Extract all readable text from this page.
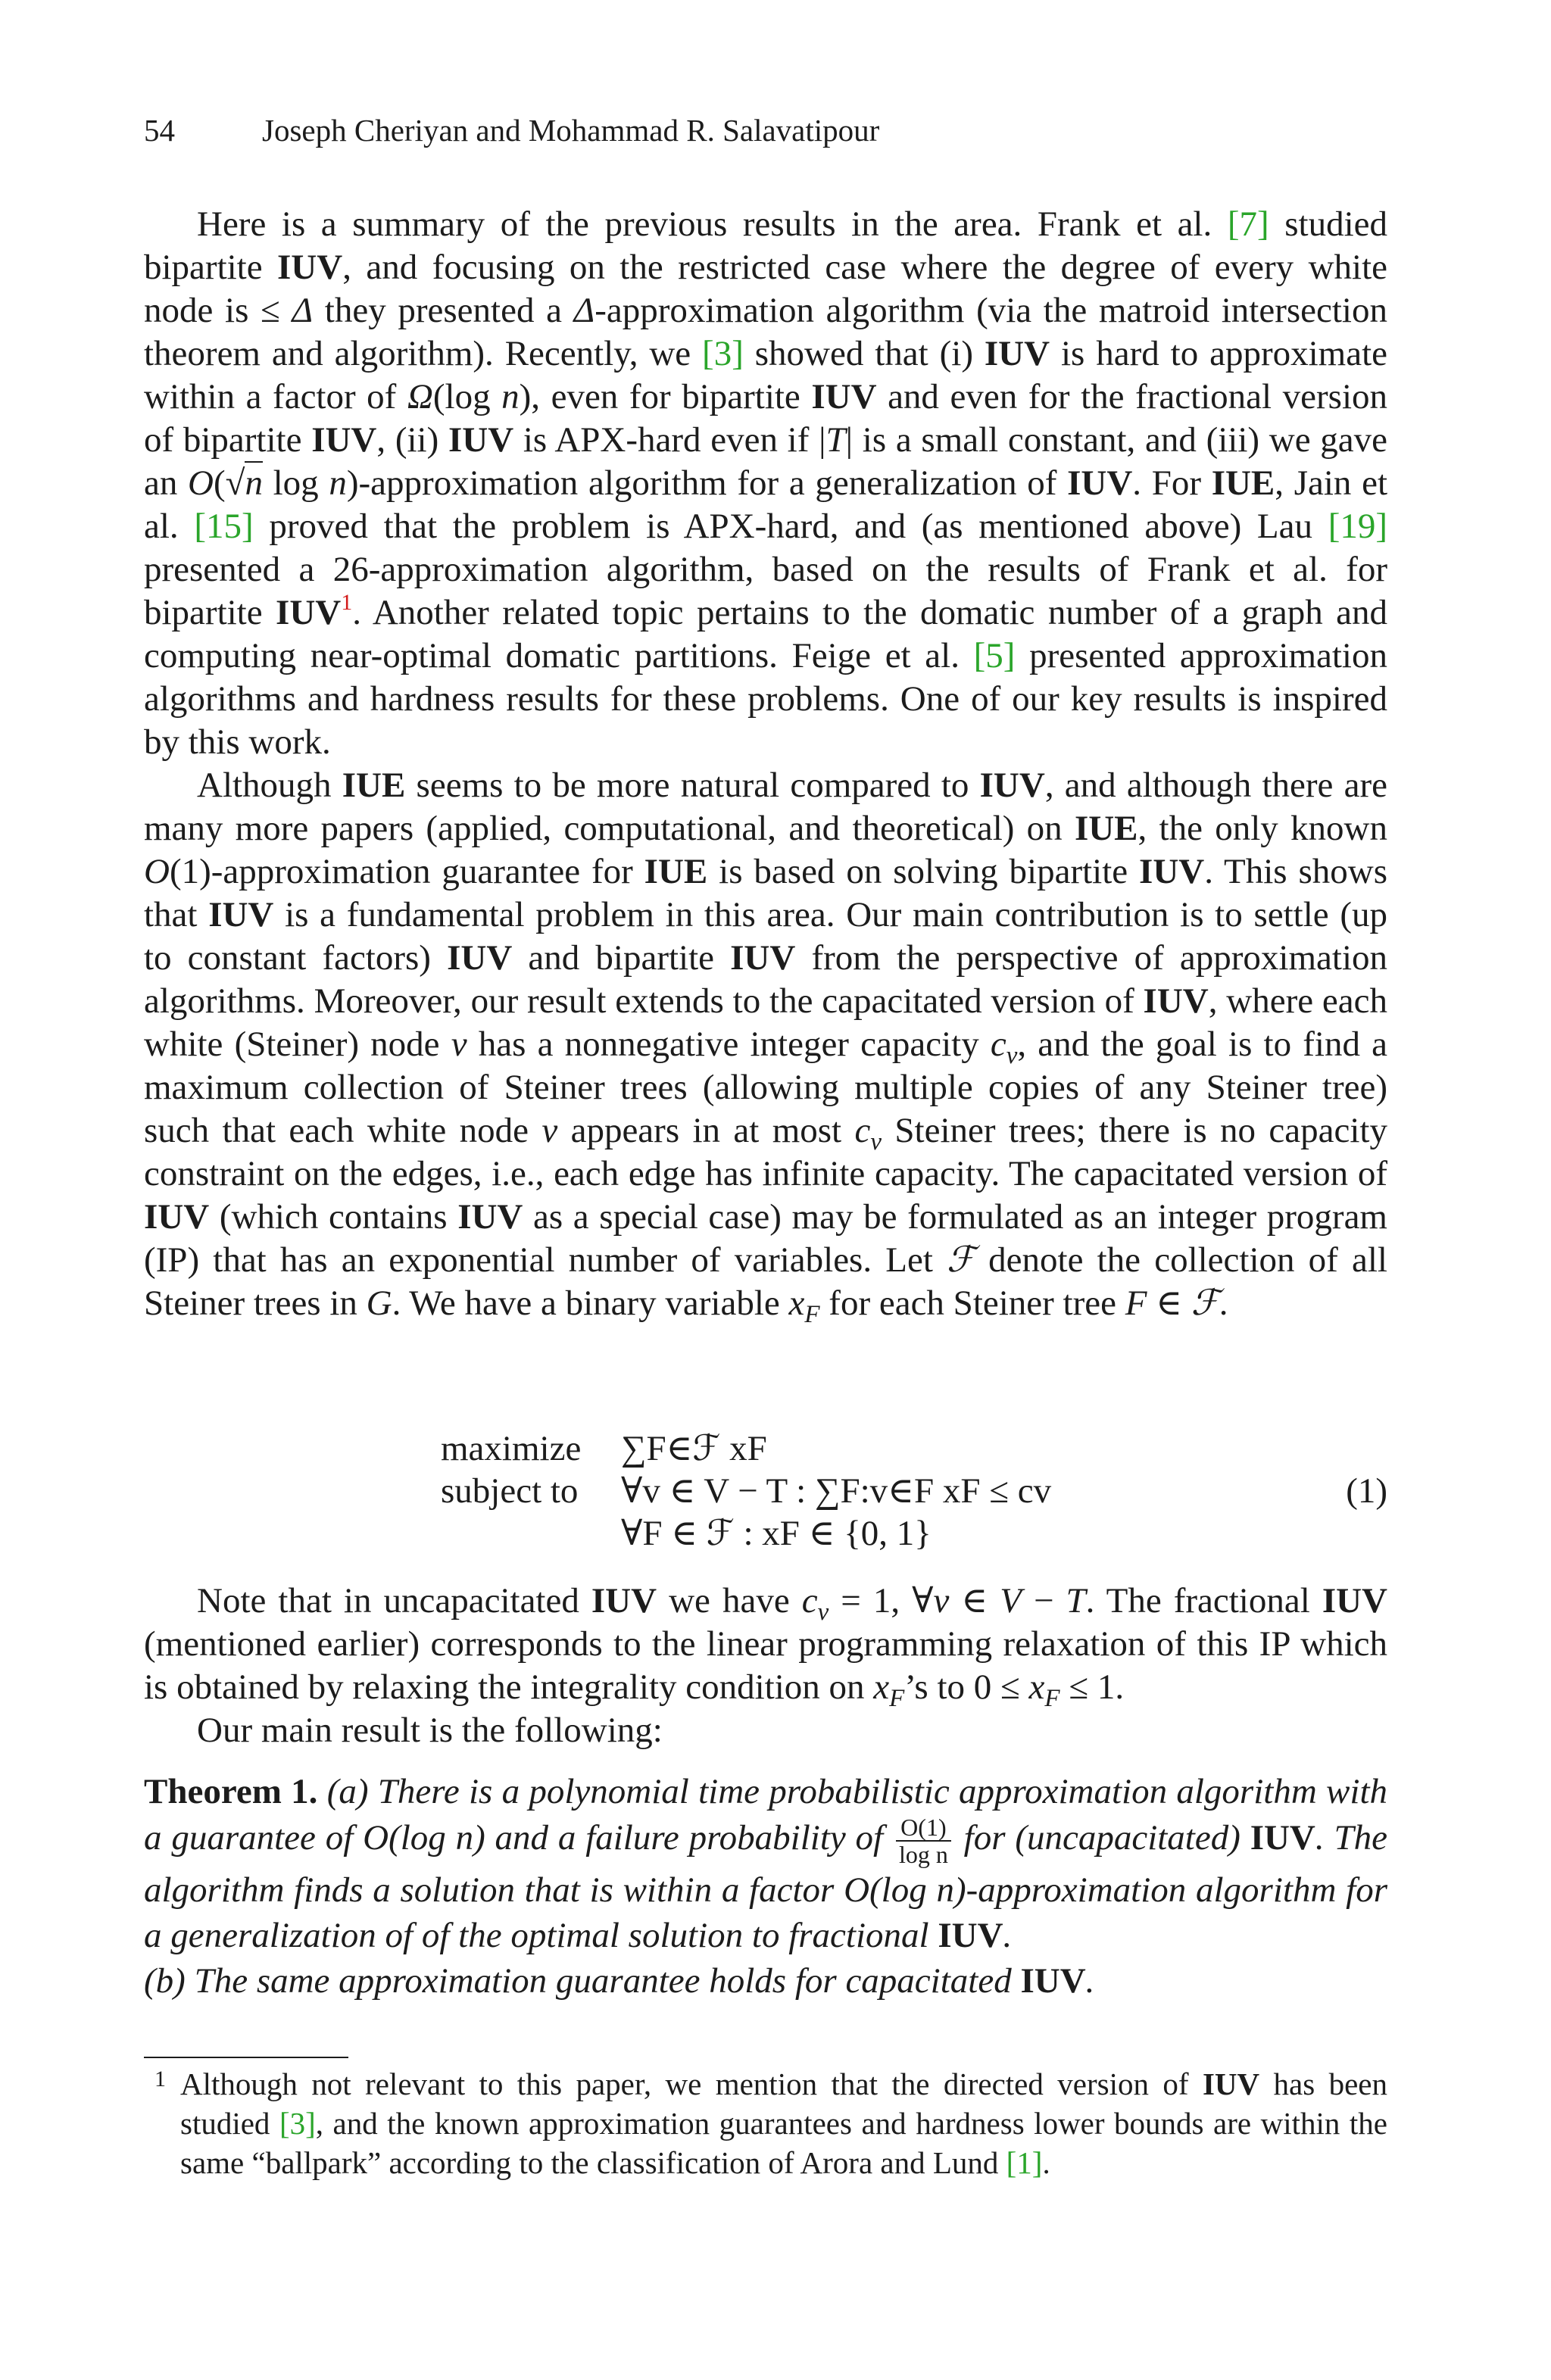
54	Joseph Cheriyan and Mohammad R. Salavatipour

Here is a summary of the previous results in the area. Frank et al. [7] studied bipartite IUV, and focusing on the restricted case where the degree of every white node is ≤ Δ they presented a Δ-approximation algorithm (via the matroid intersection theorem and algorithm). Recently, we [3] showed that (i) IUV is hard to approximate within a factor of Ω(log n), even for bipartite IUV and even for the fractional version of bipartite IUV, (ii) IUV is APX-hard even if |T| is a small constant, and (iii) we gave an O(√n log n)-approximation algorithm for a generalization of IUV. For IUE, Jain et al. [15] proved that the problem is APX-hard, and (as mentioned above) Lau [19] presented a 26-approximation algorithm, based on the results of Frank et al. for bipartite IUV$^1$. Another related topic pertains to the domatic number of a graph and computing near-optimal domatic partitions. Feige et al. [5] presented approximation algorithms and hardness results for these problems. One of our key results is inspired by this work.

Although IUE seems to be more natural compared to IUV, and although there are many more papers (applied, computational, and theoretical) on IUE, the only known O(1)-approximation guarantee for IUE is based on solving bipartite IUV. This shows that IUV is a fundamental problem in this area. Our main contribution is to settle (up to constant factors) IUV and bipartite IUV from the perspective of approximation algorithms. Moreover, our result extends to the capacitated version of IUV, where each white (Steiner) node v has a nonnegative integer capacity $c_v$, and the goal is to find a maximum collection of Steiner trees (allowing multiple copies of any Steiner tree) such that each white node v appears in at most $c_v$ Steiner trees; there is no capacity constraint on the edges, i.e., each edge has infinite capacity. The capacitated version of IUV (which contains IUV as a special case) may be formulated as an integer program (IP) that has an exponential number of variables. Let ℱ denote the collection of all Steiner trees in G. We have a binary variable $x_F$ for each Steiner tree F ∈ ℱ.

maximize ∑F∈ℱ xF
subject to ∀v ∈ V − T : ∑F:v∈F xF ≤ cv
∀F ∈ ℱ : xF ∈ {0, 1}
(1)

Note that in uncapacitated IUV we have $c_v = 1$, ∀v ∈ V − T. The fractional IUV (mentioned earlier) corresponds to the linear programming relaxation of this IP which is obtained by relaxing the integrality condition on $x_F’s$ to $0 \le x_F \le 1$.

Our main result is the following:

Theorem 1. (a) There is a polynomial time probabilistic approximation algorithm with a guarantee of O(log n) and a failure probability of $\frac{O(1)}{\text{log n}}$ for (uncapacitated) IUV. The algorithm finds a solution that is within a factor O(log n)-approximation algorithm for a generalization of of the optimal solution to fractional IUV.
(b) The same approximation guarantee holds for capacitated IUV.

1 Although not relevant to this paper, we mention that the directed version of IUV has been studied [3], and the known approximation guarantees and hardness lower bounds are within the same “ballpark” according to the classification of Arora and Lund [1].
